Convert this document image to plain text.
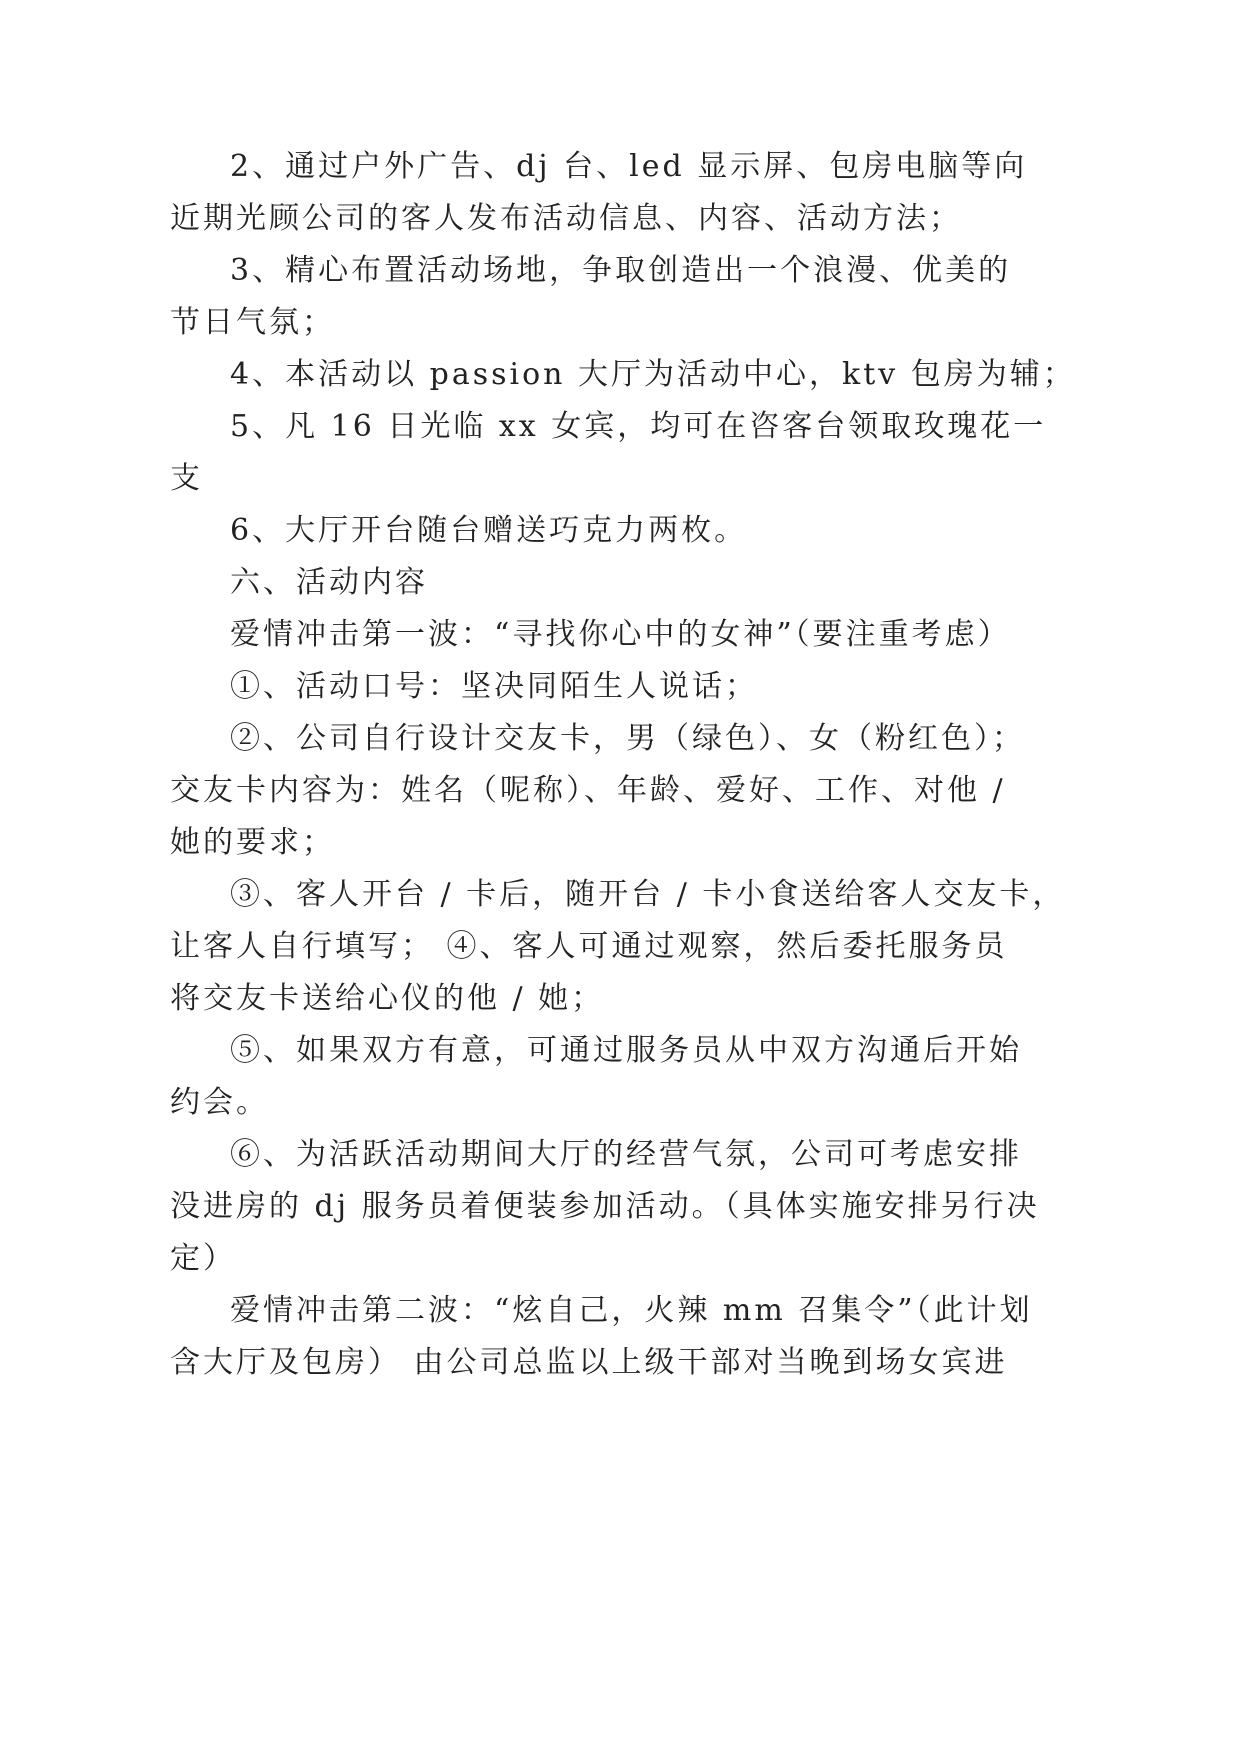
2、通过户外广告、dj 台、led 显示屏、包房电脑等向
近期光顾公司的客人发布活动信息、内容、活动方法；
3、精心布置活动场地，争取创造出一个浪漫、优美的
节日气氛；
4、本活动以 passion 大厅为活动中心，ktv 包房为辅；
5、凡 16 日光临 xx 女宾，均可在咨客台领取玫瑰花一
支
6、大厅开台随台赠送巧克力两枚。
六、活动内容
爱情冲击第一波：“寻找你心中的女神”（要注重考虑）
①、活动口号：坚决同陌生人说话；
②、公司自行设计交友卡，男（绿色）、女（粉红色）；
交友卡内容为：姓名（呢称）、年龄、爱好、工作、对他 /
她的要求；
③、客人开台 / 卡后，随开台 / 卡小食送给客人交友卡，
让客人自行填写； ④、客人可通过观察，然后委托服务员
将交友卡送给心仪的他 / 她；
⑤、如果双方有意，可通过服务员从中双方沟通后开始
约会。
⑥、为活跃活动期间大厅的经营气氛，公司可考虑安排
没进房的 dj 服务员着便装参加活动。（具体实施安排另行决
定）
爱情冲击第二波：“炫自己，火辣 mm 召集令”（此计划
含大厅及包房） 由公司总监以上级干部对当晚到场女宾进
